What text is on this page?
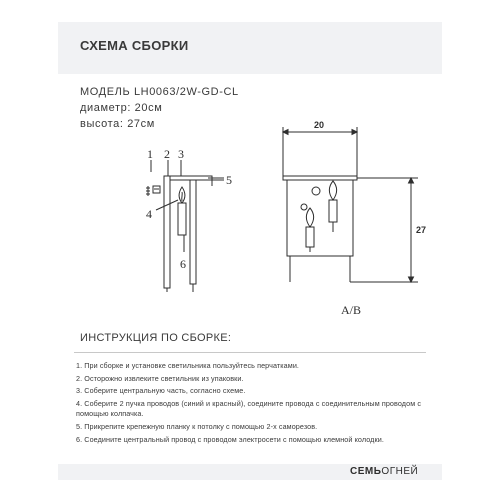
СХЕМА СБОРКИ
МОДЕЛЬ LH0063/2W-GD-CL
диаметр: 20см
высота: 27см
1 2 3
4
5
6
20
27
A/B
ИНСТРУКЦИЯ ПО СБОРКЕ:
1. При сборке и установке светильника пользуйтесь перчатками.
2. Осторожно извлеките светильник из упаковки.
3. Соберите центральную часть, согласно схеме.
4. Соберите 2 пучка проводов (синий и красный), соедините провода с соединительным проводом с помощью колпачка.
5. Прикрепите крепежную планку к потолку с помощью 2-х саморезов.
6. Соедините центральный провод с проводом электросети с помощью клемной колодки.
СЕМЬОГНЕЙ
